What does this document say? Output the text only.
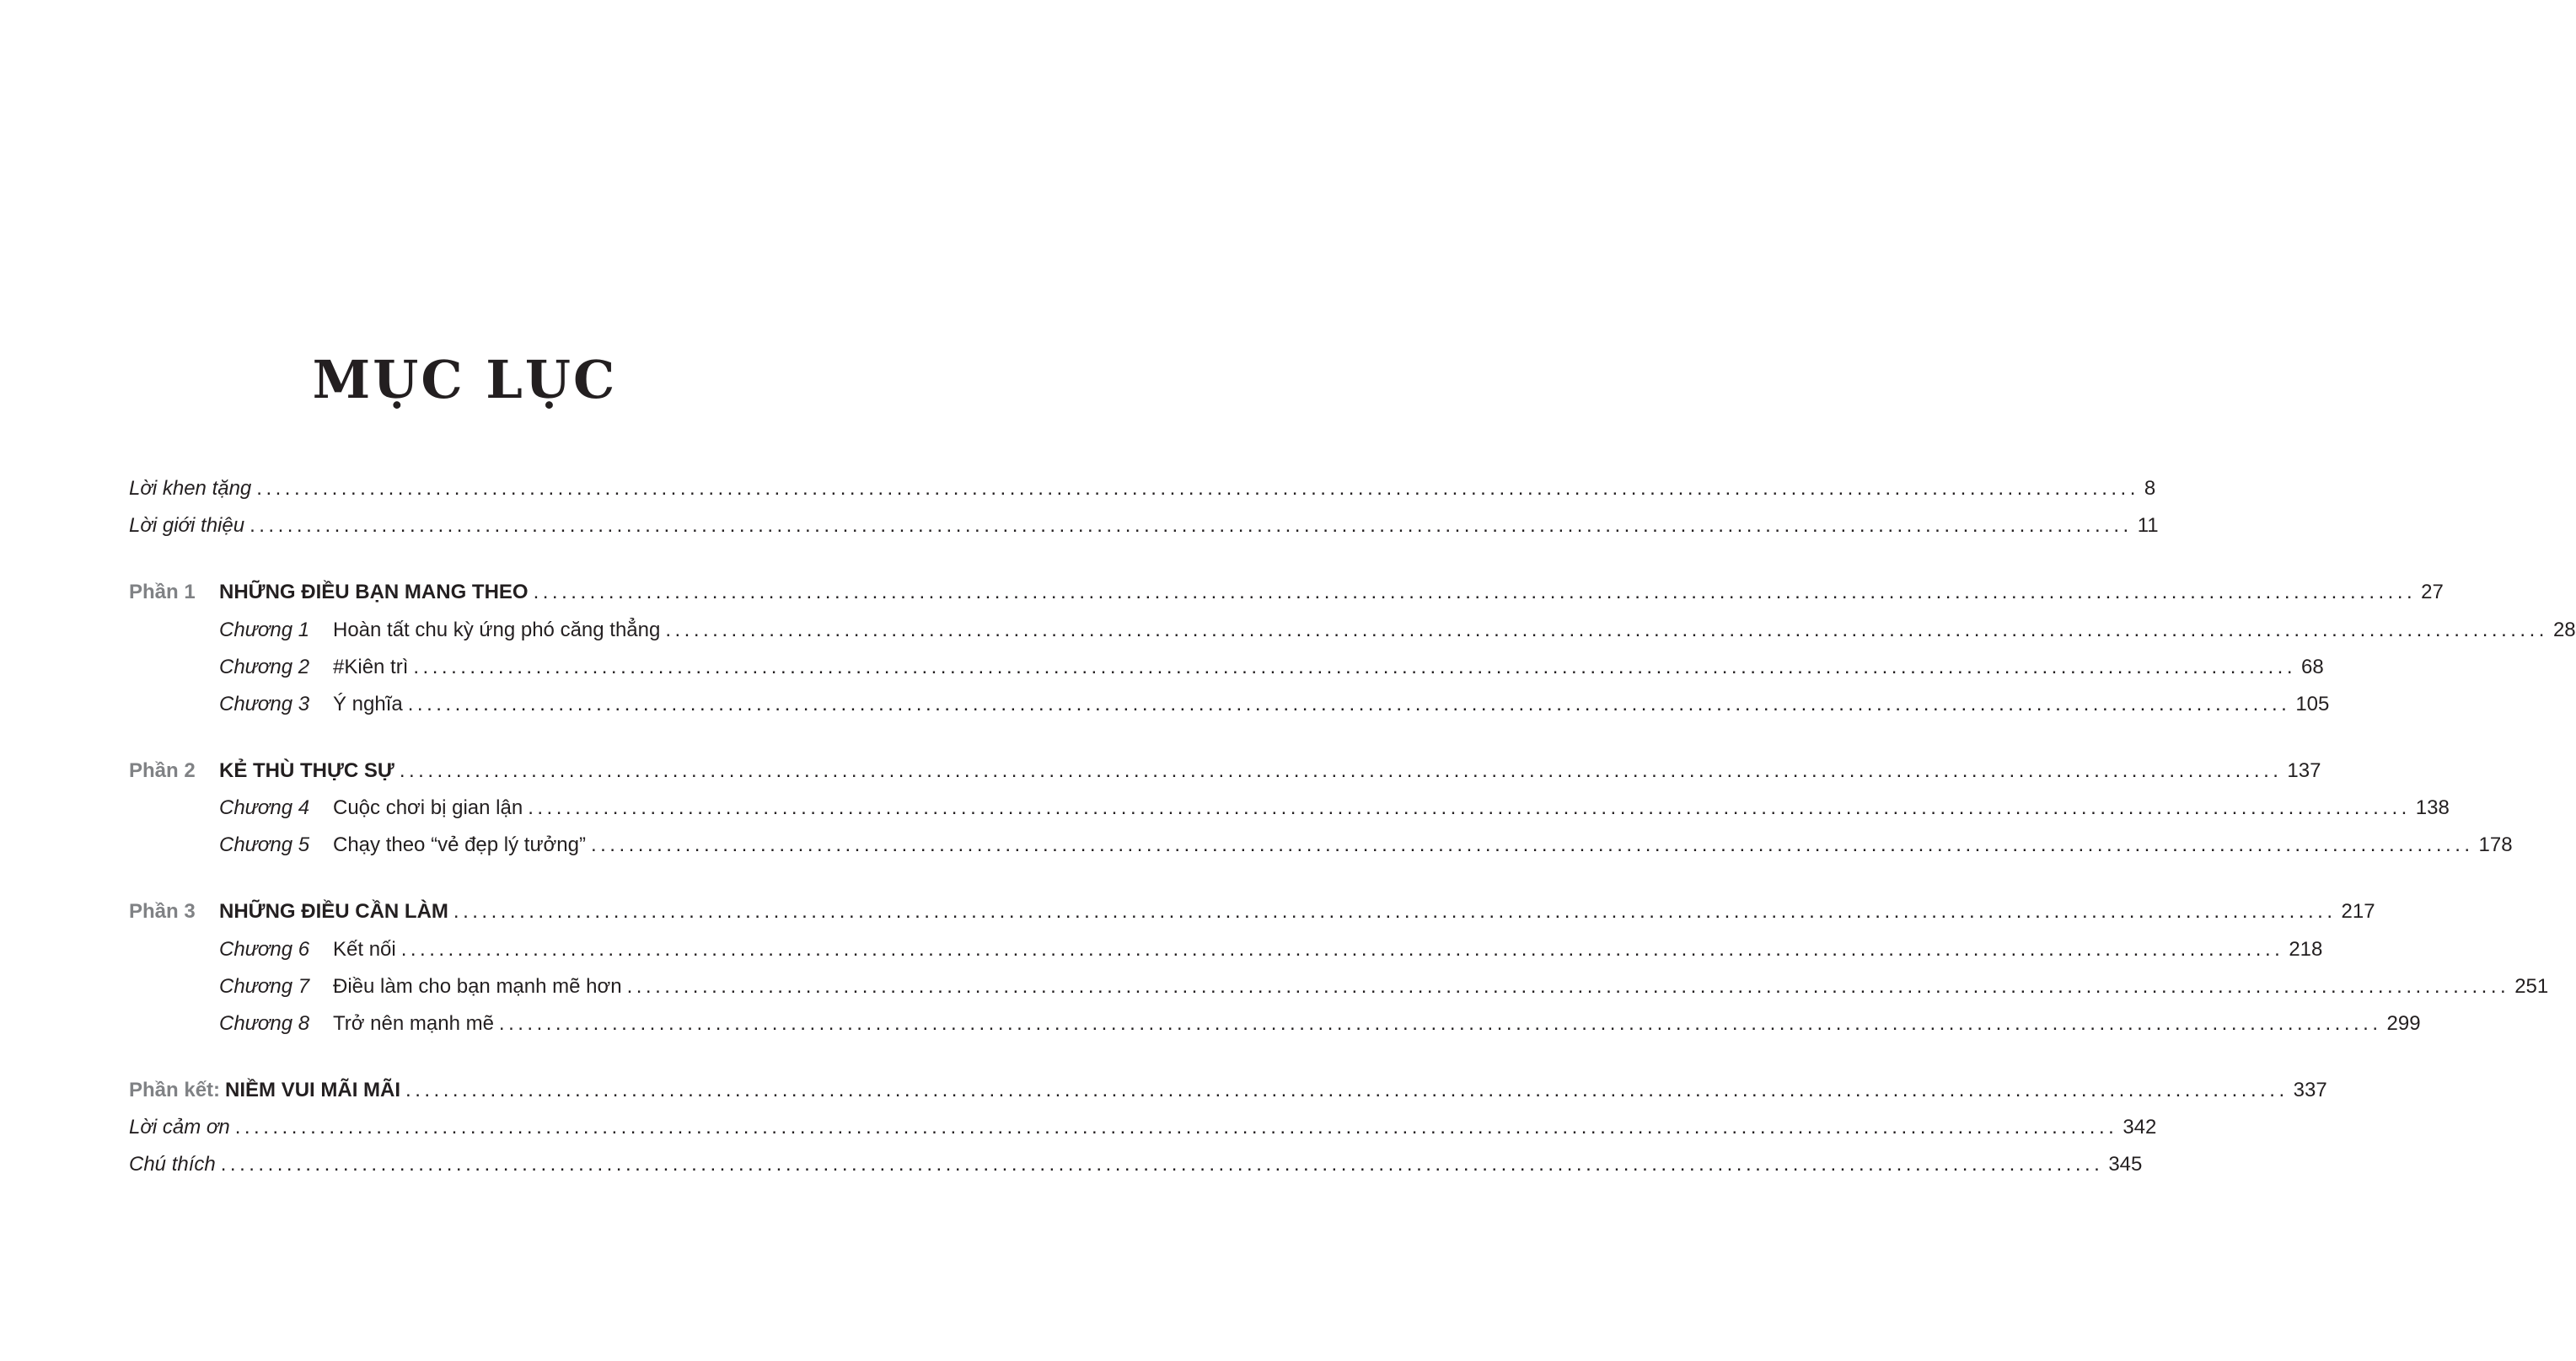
MỤC LỤC
Lời khen tặng ........................................................................................................................................................................................................ 8
Lời giới thiệu ........................................................................................................................................................................................................ 11
Phần 1 NHỮNG ĐIỀU BẠN MANG THEO ........................................................................................................................................................................................................ 27
Chương 1 Hoàn tất chu kỳ ứng phó căng thẳng ........................................................................................................................................................................................................ 28
Chương 2 #Kiên trì ........................................................................................................................................................................................................ 68
Chương 3 Ý nghĩa ........................................................................................................................................................................................................ 105
Phần 2 KẺ THÙ THỰC SỰ ........................................................................................................................................................................................................ 137
Chương 4 Cuộc chơi bị gian lận ........................................................................................................................................................................................................ 138
Chương 5 Chạy theo “vẻ đẹp lý tưởng” ........................................................................................................................................................................................................ 178
Phần 3 NHỮNG ĐIỀU CẦN LÀM ........................................................................................................................................................................................................ 217
Chương 6 Kết nối ........................................................................................................................................................................................................ 218
Chương 7 Điều làm cho bạn mạnh mẽ hơn ........................................................................................................................................................................................................ 251
Chương 8 Trở nên mạnh mẽ ........................................................................................................................................................................................................ 299
Phần kết: NIỀM VUI MÃI MÃI ........................................................................................................................................................................................................ 337
Lời cảm ơn ........................................................................................................................................................................................................ 342
Chú thích ........................................................................................................................................................................................................ 345
